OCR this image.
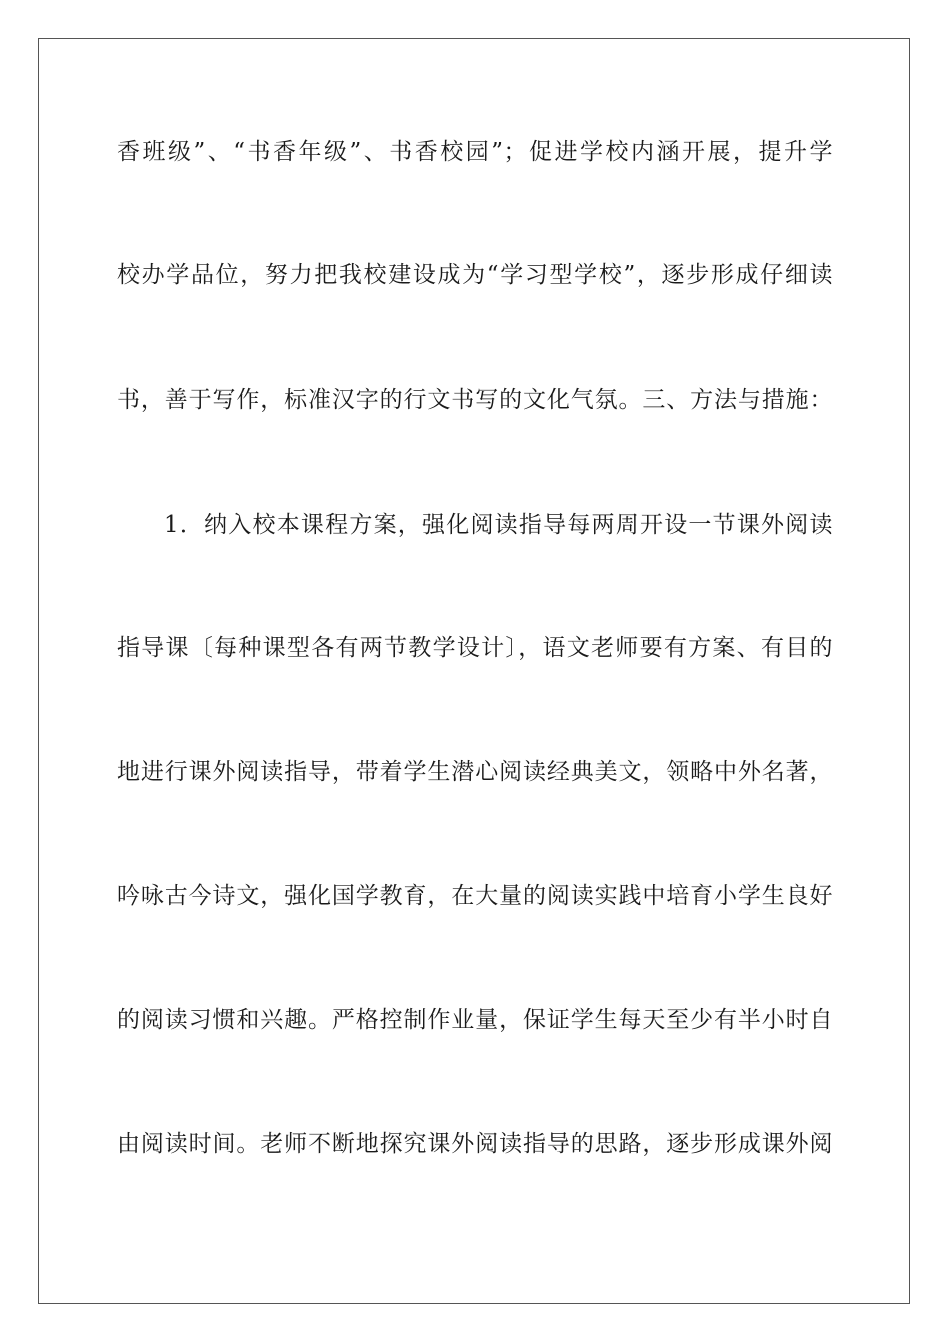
香班级”、“书香年级”、书香校园”；促进学校内涵开展，提升学
校办学品位，努力把我校建设成为“学习型学校”，逐步形成仔细读
书，善于写作，标准汉字的行文书写的文化气氛。三、方法与措施：
1．纳入校本课程方案，强化阅读指导每两周开设一节课外阅读
指导课〔每种课型各有两节教学设计〕，语文老师要有方案、有目的
地进行课外阅读指导，带着学生潜心阅读经典美文，领略中外名著，
吟咏古今诗文，强化国学教育，在大量的阅读实践中培育小学生良好
的阅读习惯和兴趣。严格控制作业量，保证学生每天至少有半小时自
由阅读时间。老师不断地探究课外阅读指导的思路，逐步形成课外阅
